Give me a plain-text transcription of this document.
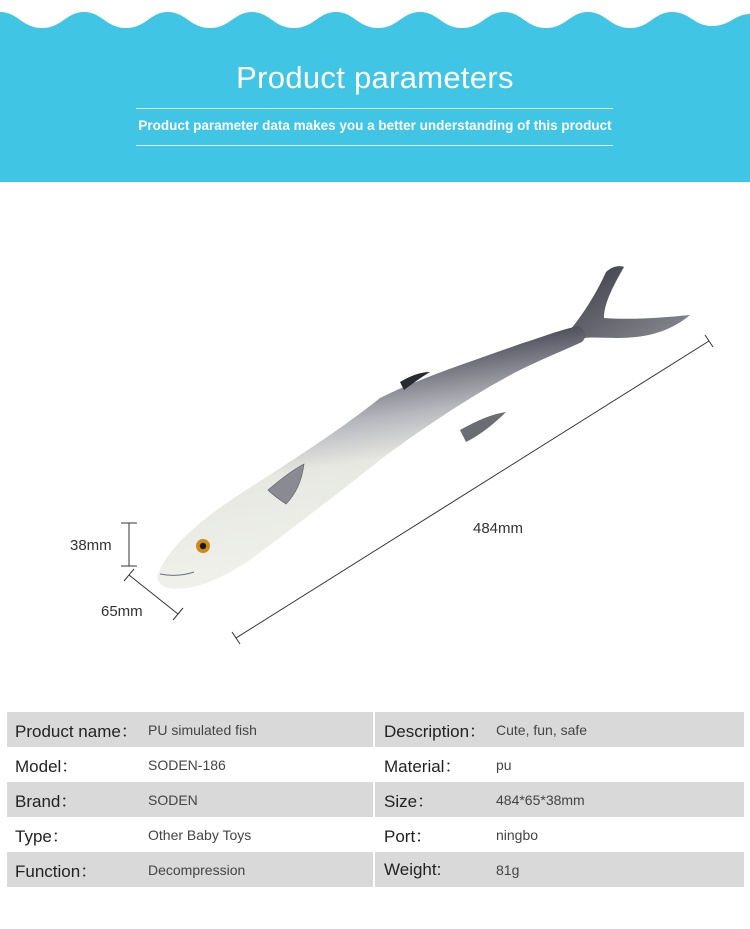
Product parameters
Product parameter data makes you a better understanding of this product
484mm
38mm
65mm
Product name： PU simulated fish	Description： Cute, fun, safe
Model：	SODEN-186	Material： pu
Brand：	SODEN	Size：	484*65*38mm
Type：	Other Baby Toys	Port：	ningbo
Function：	Decompression	Weight:	81g
